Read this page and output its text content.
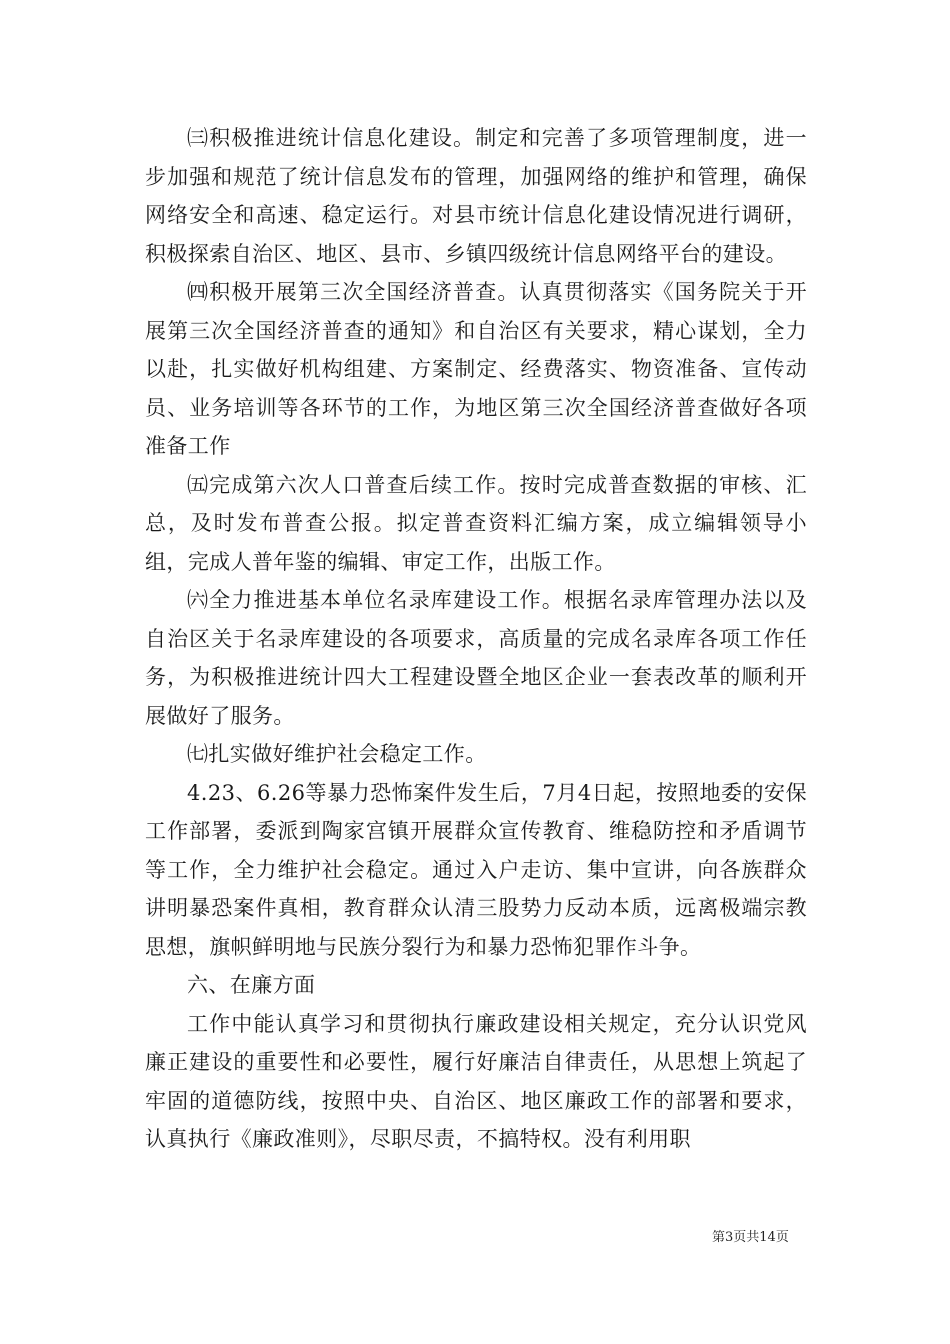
㈢积极推进统计信息化建设。制定和完善了多项管理制度，进一步加强和规范了统计信息发布的管理，加强网络的维护和管理，确保网络安全和高速、稳定运行。对县市统计信息化建设情况进行调研，积极探索自治区、地区、县市、乡镇四级统计信息网络平台的建设。

㈣积极开展第三次全国经济普查。认真贯彻落实《国务院关于开展第三次全国经济普查的通知》和自治区有关要求，精心谋划，全力以赴，扎实做好机构组建、方案制定、经费落实、物资准备、宣传动员、业务培训等各环节的工作，为地区第三次全国经济普查做好各项准备工作

㈤完成第六次人口普查后续工作。按时完成普查数据的审核、汇总，及时发布普查公报。拟定普查资料汇编方案，成立编辑领导小组，完成人普年鉴的编辑、审定工作，出版工作。

㈥全力推进基本单位名录库建设工作。根据名录库管理办法以及自治区关于名录库建设的各项要求，高质量的完成名录库各项工作任务，为积极推进统计四大工程建设暨全地区企业一套表改革的顺利开展做好了服务。

㈦扎实做好维护社会稳定工作。

4.23、6.26等暴力恐怖案件发生后，7月4日起，按照地委的安保工作部署，委派到陶家宫镇开展群众宣传教育、维稳防控和矛盾调节等工作，全力维护社会稳定。通过入户走访、集中宣讲，向各族群众讲明暴恐案件真相，教育群众认清三股势力反动本质，远离极端宗教思想，旗帜鲜明地与民族分裂行为和暴力恐怖犯罪作斗争。

六、在廉方面

工作中能认真学习和贯彻执行廉政建设相关规定，充分认识党风廉正建设的重要性和必要性，履行好廉洁自律责任，从思想上筑起了牢固的道德防线，按照中央、自治区、地区廉政工作的部署和要求，认真执行《廉政准则》，尽职尽责，不搞特权。没有利用职

第3页共14页
